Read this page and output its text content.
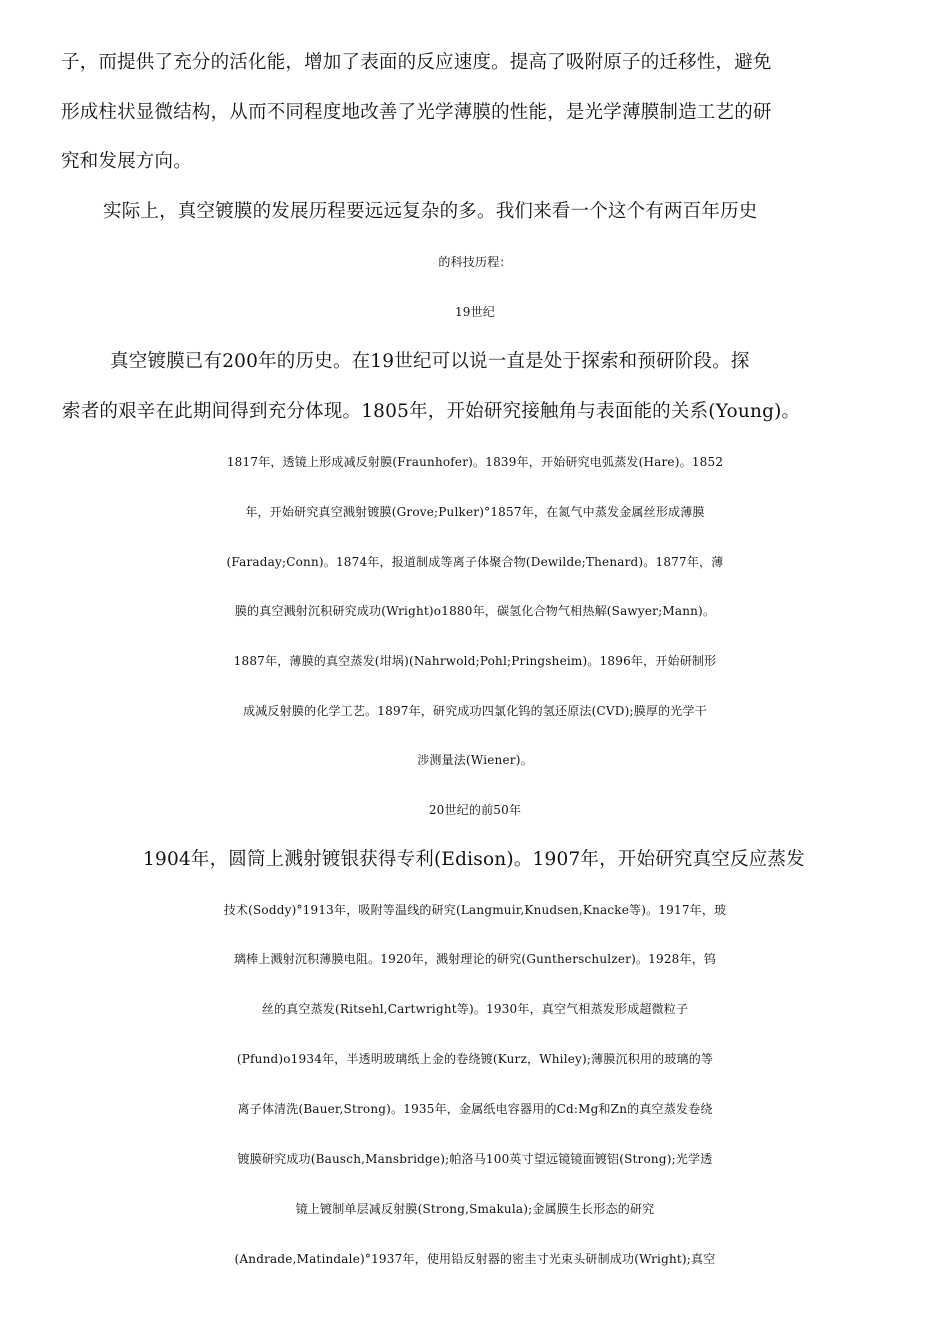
子，而提供了充分的活化能，增加了表面的反应速度。提高了吸附原子的迁移性，避免
形成柱状显微结构，从而不同程度地改善了光学薄膜的性能，是光学薄膜制造工艺的研
究和发展方向。
实际上，真空镀膜的发展历程要远远复杂的多。我们来看一个这个有两百年历史
的科技历程：
19世纪
真空镀膜已有200年的历史。在19世纪可以说一直是处于探索和预研阶段。探
索者的艰辛在此期间得到充分体现。1805年，开始研究接触角与表面能的关系(Young)。
1817年，透镜上形成减反射膜(Fraunhofer)。1839年，开始研究电弧蒸发(Hare)。1852
年，开始研究真空溅射镀膜(Grove;Pulker)°1857年，在氮气中蒸发金属丝形成薄膜
(Faraday;Conn)。1874年，报道制成等离子体聚合物(Dewilde;Thenard)。1877年，薄
膜的真空溅射沉积研究成功(Wright)o1880年，碳氢化合物气相热解(Sawyer;Mann)。
1887年，薄膜的真空蒸发(坩埚)(Nahrwold;Pohl;Pringsheim)。1896年，开始研制形
成减反射膜的化学工艺。1897年，研究成功四氯化钨的氢还原法(CVD);膜厚的光学干
涉测量法(Wiener)。
20世纪的前50年
1904年，圆筒上溅射镀银获得专利(Edison)。1907年，开始研究真空反应蒸发
技术(Soddy)°1913年，吸附等温线的研究(Langmuir,Knudsen,Knacke等)。1917年，玻
璃棒上溅射沉积薄膜电阻。1920年，溅射理论的研究(Guntherschulzer)。1928年，钨
丝的真空蒸发(Ritsehl,Cartwright等)。1930年，真空气相蒸发形成超微粒子
(Pfund)o1934年，半透明玻璃纸上金的卷绕镀(Kurz，Whiley);薄膜沉积用的玻璃的等
离子体清洗(Bauer,Strong)。1935年，金属纸电容器用的Cd:Mg和Zn的真空蒸发卷绕
镀膜研究成功(Bausch,Mansbridge);帕洛马100英寸望远镜镜面镀铝(Strong);光学透
镜上镀制单层减反射膜(Strong,Smakula);金属膜生长形态的研究
(Andrade,Matindale)°1937年，使用铅反射器的密圭寸光束头研制成功(Wright);真空
